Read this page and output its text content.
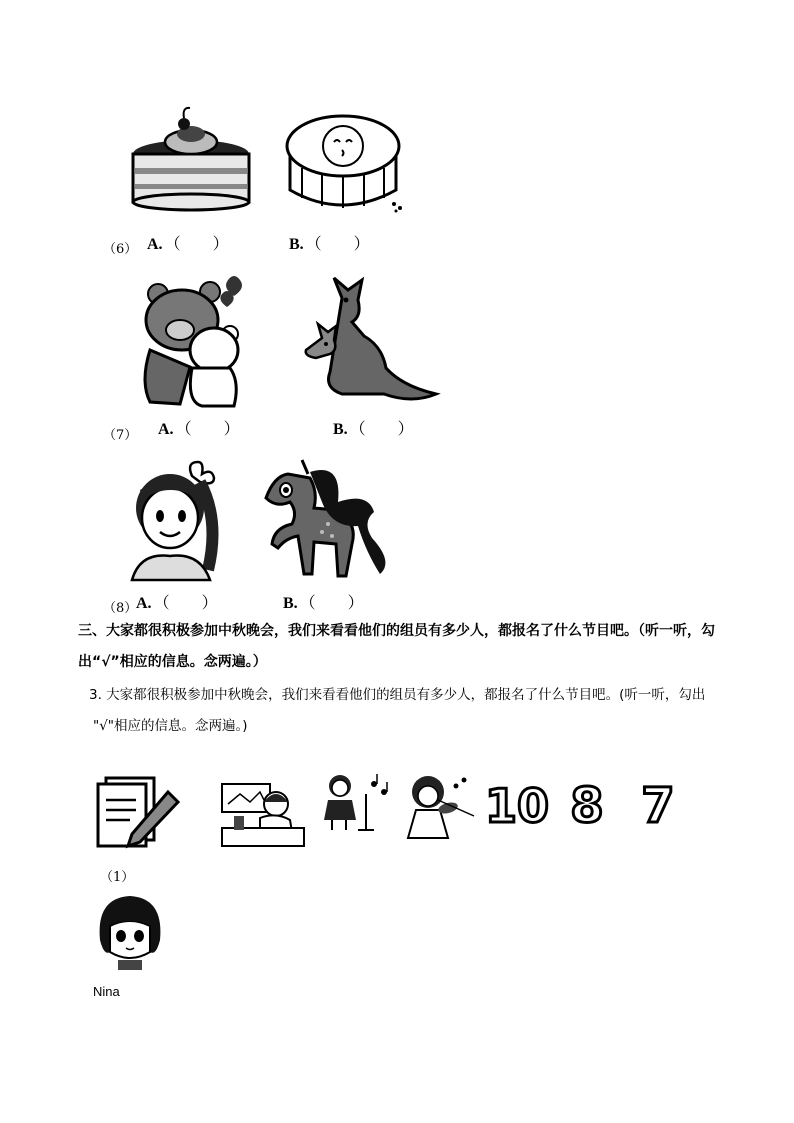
（6） A. （　　）	B. （　　）
（7） A. （　　）	B. （　　）
（8）
A. （　　）	B. （　　）
三、大家都很积极参加中秋晚会，我们来看看他们的组员有多少人，都报名了什么节目吧。（听一听，勾
出“√”相应的信息。念两遍。）
3. 大家都很积极参加中秋晚会，我们来看看他们的组员有多少人，都报名了什么节目吧。(听一听，勾出
"√"相应的信息。念两遍。)
10 8 7
（1）
Nina
